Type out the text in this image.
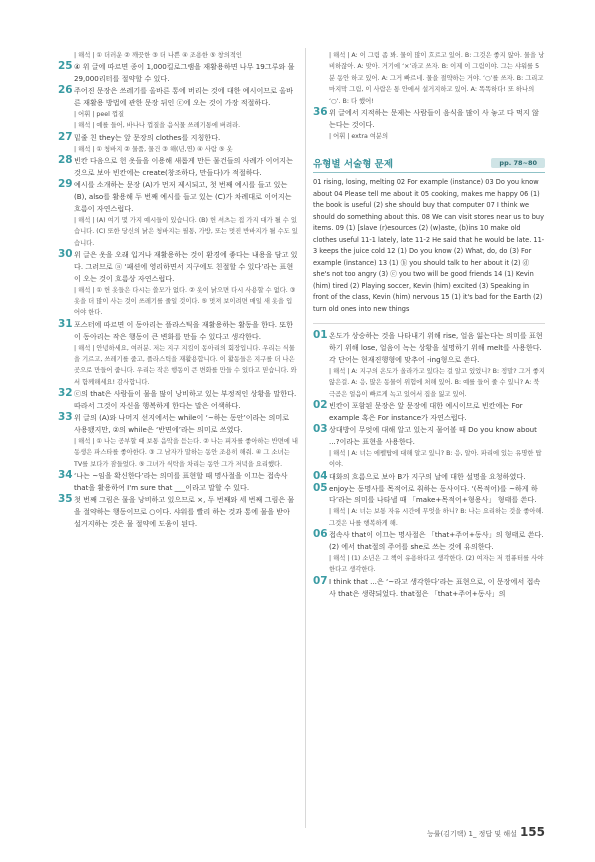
| 해석 | ① 더러운 ② 깨끗한 ③ 더 나쁜 ④ 조용한 ⑤ 창의적인

25 ④ 위 글에 따르면 종이 1,000킬로그램을 재활용하면 나무 19그루와 물 29,000리터를 절약할 수 있다.

26 주어진 문장은 쓰레기를 올바른 통에 버리는 것에 대한 예시이므로 올바른 재활용 방법에 관한 문장 뒤인 ⓒ에 오는 것이 가장 적절하다.

| 어휘 | peel 껍질

| 해석 | 예를 들어, 바나나 껍질을 음식물 쓰레기통에 버려라.

27 밑줄 친 they는 앞 문장의 clothes를 지칭한다.

| 해석 | ① 청바지 ② 물품, 물건 ③ 해(년,연) ④ 사람 ⑤ 옷

28 빈칸 다음으로 헌 옷들을 이용해 새롭게 만든 물건들의 사례가 이어지는 것으로 보아 빈칸에는 create(창조하다, 만들다)가 적절하다.

29 예시를 소개하는 문장 (A)가 먼저 제시되고, 첫 번째 예시를 들고 있는 (B), also를 활용해 두 번째 예시를 들고 있는 (C)가 차례대로 이어지는 흐름이 자연스럽다.

| 해석 | (A) 여기 몇 가지 예시들이 있습니다. (B) 헌 셔츠는 접 가지 대가 될 수 있습니다. (C) 또한 당신의 낡은 청바지는 필통, 가방, 또는 멋진 반바지가 될 수도 있습니다.

30 위 글은 옷을 오래 입거나 재활용하는 것이 환경에 좋다는 내용을 담고 있다. 그러므로 ⓐ ‘패션에 영리하면서 지구에도 친절할 수 있다’라는 표현이 오는 것이 흐름상 자연스럽다.

| 해석 | ① 헌 옷들은 다시는 쓸모가 없다. ② 옷이 낡으면 다시 사용할 수 없다. ③ 옷을 더 많이 사는 것이 쓰레기를 줄일 것이다. ⑤ 멋져 보이려면 매일 새 옷을 입어야 한다.

31 포스터에 따르면 이 동아리는 플라스틱을 재활용하는 활동을 한다. 또한 이 동아리는 작은 행동이 큰 변화를 만들 수 있다고 생각한다.

| 해석 | 안녕하세요, 여러분. 저는 지구 지킴이 동아리의 회장입니다. 우리는 식물을 기르고, 쓰레기를 줍고, 플라스틱을 재활용합니다. 이 활동들은 지구를 더 나은 곳으로 만들어 줍니다. 우리는 작은 행동이 큰 변화를 만들 수 있다고 믿습니다. 와서 함께해세요! 감사합니다.

32 ⓒ의 that은 사람들이 물을 많이 낭비하고 있는 부정적인 상황을 말한다. 따라서 그것이 자신을 행복하게 한다는 말은 어색하다.

33 위 글의 (A)와 나머지 선지에서는 while이 ‘~하는 동안’이라는 의미로 사용됐지만, ②의 while은 ‘반면에’라는 의미로 쓰였다.

| 해석 | ① 나는 공부할 때 보통 음악을 듣는다. ② 나는 피자를 좋아하는 반면에 내 동생은 파스타를 좋아한다. ③ 그 남자가 말하는 동안 조용히 해줘. ④ 그 소녀는 TV를 보다가 잠들었다. ⑤ 그녀가 식탁을 차리는 동안 그가 저녁을 요리했다.

34 ‘나는 ~임을 확신한다’라는 의미를 표현할 때 명사절을 이끄는 접속사 that을 활용하여 I'm sure that ___이라고 말할 수 있다.

35 첫 번째 그림은 물을 낭비하고 있으므로 ×, 두 번째와 세 번째 그림은 물을 절약하는 행동이므로 ○이다. 샤워를 빨리 하는 것과 통에 물을 받아 설거지하는 것은 물 절약에 도움이 된다.

| 해석 | A: 이 그림 좀 봐. 물이 많이 흐르고 있어. B: 그것은 좋지 않아. 물을 낭비하잖아. A: 맞아. 거기에 ‘×’라고 쓰자. B: 이제 이 그림이야. 그는 샤워를 5분 동안 하고 있어. A: 그거 빠르네. 물을 절약하는 거야. ‘○’를 쓰자. B: 그리고 마지막 그림, 이 사람은 통 안에서 설거지하고 있어. A: 똑똑하다! 또 하나의 ‘○’. B: 다 했어!

36 위 글에서 지적하는 문제는 사람들이 음식을 많이 사 놓고 다 먹지 않는다는 것이다.

| 어휘 | extra 여분의

유형별 서술형 문제	pp. 78~80
01 rising, losing, melting 02 For example (instance) 03 Do you know about 04 Please tell me about it 05 cooking, makes me happy 06 (1) the book is useful (2) she should buy that computer 07 I think we should do something about this. 08 We can visit stores near us to buy items. 09 (1) [slave (r)esources (2) (w)aste, (b)ins 10 make old clothes useful 11-1 lately, late 11-2 He said that he would be late. 11-3 keeps the juice cold 12 (1) Do you know (2) What, do, do (3) For example (instance) 13 (1) ⓑ you should talk to her about it (2) ⓓ she's not too angry (3) ⓒ you two will be good friends 14 (1) Kevin (him) tired (2) Playing soccer, Kevin (him) excited (3) Speaking in front of the class, Kevin (him) nervous 15 (1) it's bad for the Earth (2) turn old ones into new things

01 온도가 상승하는 것을 나타내기 위해 rise, 얼음 잃는다는 의미를 표현하기 위해 lose, 얼음이 녹는 상황을 설명하기 위해 melt를 사용한다. 각 단어는 현재진행형에 맞추어 -ing형으로 쓴다.

| 해석 | A: 지구의 온도가 올라가고 있다는 걸 알고 있었니? B: 정말? 그거 좋지 않은걸. A: 응, 많은 동물이 위험에 처해 있어. B: 예를 들어 줄 수 있니? A: 북극곰은 얼음이 빠르게 녹고 있어서 집을 잃고 있어.

02 빈칸이 포함된 문장은 앞 문장에 대한 예시이므로 빈칸에는 For example 혹은 For instance가 자연스럽다.

03 상대방이 무엇에 대해 알고 있는지 물어볼 때 Do you know about ...?이라는 표현을 사용한다.

| 해석 | A: 너는 에펠탑에 대해 알고 있니? B: 응, 알아. 파리에 있는 유명한 탑이야.

04 대화의 흐름으로 보아 B가 지구의 날에 대한 설명을 요청하였다.

05 enjoy는 동명사를 목적어로 취하는 동사이다. ‘(목적어)를 ~하게 하다’라는 의미를 나타낼 때 「make+목적어+형용사」 형태를 쓴다.

| 해석 | A: 너는 보통 자유 시간에 무엇을 하니? B: 나는 요리하는 것을 좋아해. 그것은 나를 행복하게 해.

06 접속사 that이 이끄는 명사절은 「that+주어+동사」의 형태로 쓴다. (2) 에서 that절의 주어를 she로 쓰는 것에 유의한다.

| 해석 | (1) 소년은 그 책이 유용하다고 생각한다. (2) 여자는 저 컴퓨터를 사야 한다고 생각한다.

07 I think that ...은 ‘~라고 생각한다’라는 표현으로, 이 문장에서 접속사 that은 생략되었다. that절은 「that+주어+동사」의

능률(김기택) 1_ 정답 및 해설 155
